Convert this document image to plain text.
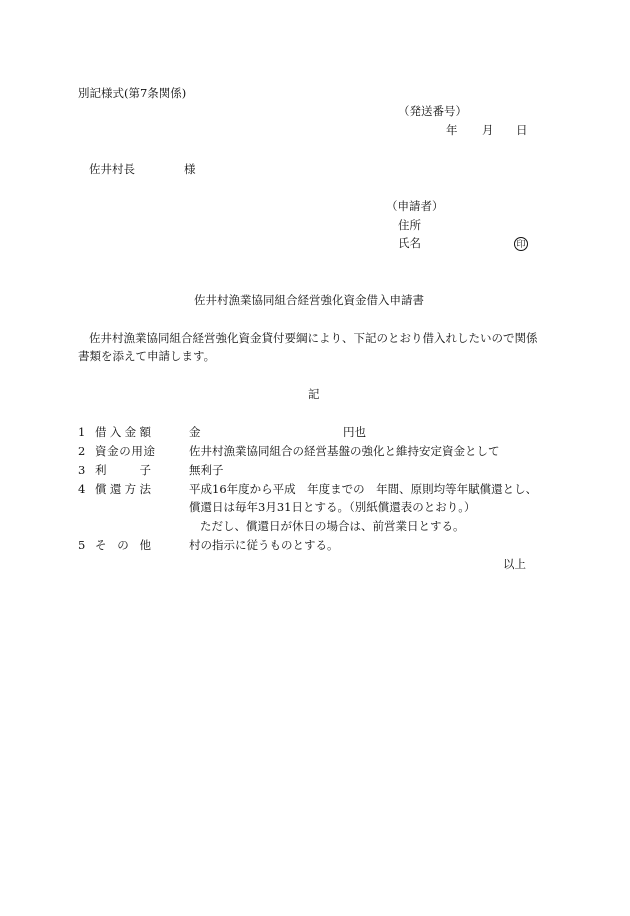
別記様式(第7条関係)
（発送番号）
年 月 日
佐井村長	様
（申請者）
住所
氏名	印
佐井村漁業協同組合経営強化資金借入申請書
佐井村漁業協同組合経営強化資金貸付要綱により、下記のとおり借入れしたいので関係
書類を添えて申請します。
記
1 借 入 金 額	金	円也
2 資 金 の 用 途	佐井村漁業協同組合の経営基盤の強化と維持安定資金として
3 利	子	無利子
4 償 還 方 法	平成16年度から平成　年度までの　年間、原則均等年賦償還とし、
償還日は毎年3月31日とする。（別紙償還表のとおり。）
ただし、償還日が休日の場合は、前営業日とする。
5 そ の 他	村の指示に従うものとする。
以上
